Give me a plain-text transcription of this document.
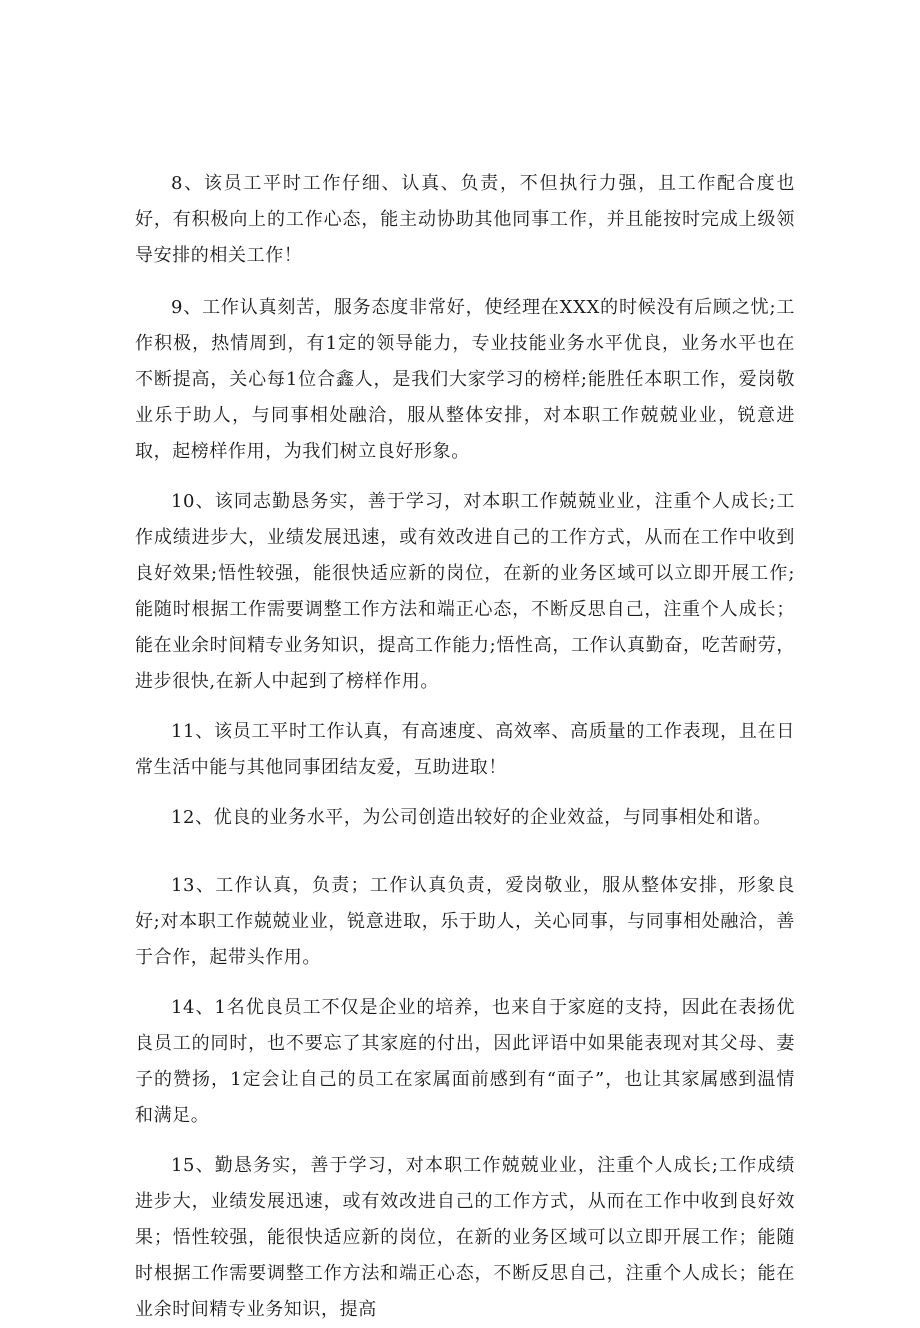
8、该员工平时工作仔细、认真、负责，不但执行力强，且工作配合度也好，有积极向上的工作心态，能主动协助其他同事工作，并且能按时完成上级领导安排的相关工作！

9、工作认真刻苦，服务态度非常好，使经理在XXX的时候没有后顾之忧;工作积极，热情周到，有1定的领导能力，专业技能业务水平优良，业务水平也在不断提高，关心每1位合鑫人，是我们大家学习的榜样;能胜任本职工作，爱岗敬业乐于助人，与同事相处融洽，服从整体安排，对本职工作兢兢业业，锐意进取，起榜样作用，为我们树立良好形象。

10、该同志勤恳务实，善于学习，对本职工作兢兢业业，注重个人成长;工作成绩进步大，业绩发展迅速，或有效改进自己的工作方式，从而在工作中收到良好效果;悟性较强，能很快适应新的岗位，在新的业务区域可以立即开展工作;能随时根据工作需要调整工作方法和端正心态，不断反思自己，注重个人成长；能在业余时间精专业务知识，提高工作能力;悟性高，工作认真勤奋，吃苦耐劳，进步很快,在新人中起到了榜样作用。

11、该员工平时工作认真，有高速度、高效率、高质量的工作表现，且在日常生活中能与其他同事团结友爱，互助进取！

12、优良的业务水平，为公司创造出较好的企业效益，与同事相处和谐。

13、工作认真，负责；工作认真负责，爱岗敬业，服从整体安排，形象良好;对本职工作兢兢业业，锐意进取，乐于助人，关心同事，与同事相处融洽，善于合作，起带头作用。

14、1名优良员工不仅是企业的培养，也来自于家庭的支持，因此在表扬优良员工的同时，也不要忘了其家庭的付出，因此评语中如果能表现对其父母、妻子的赞扬，1定会让自己的员工在家属面前感到有“面子”，也让其家属感到温情和满足。

15、勤恳务实，善于学习，对本职工作兢兢业业，注重个人成长;工作成绩进步大，业绩发展迅速，或有效改进自己的工作方式，从而在工作中收到良好效果；悟性较强，能很快适应新的岗位，在新的业务区域可以立即开展工作；能随时根据工作需要调整工作方法和端正心态，不断反思自己，注重个人成长；能在业余时间精专业务知识，提高
